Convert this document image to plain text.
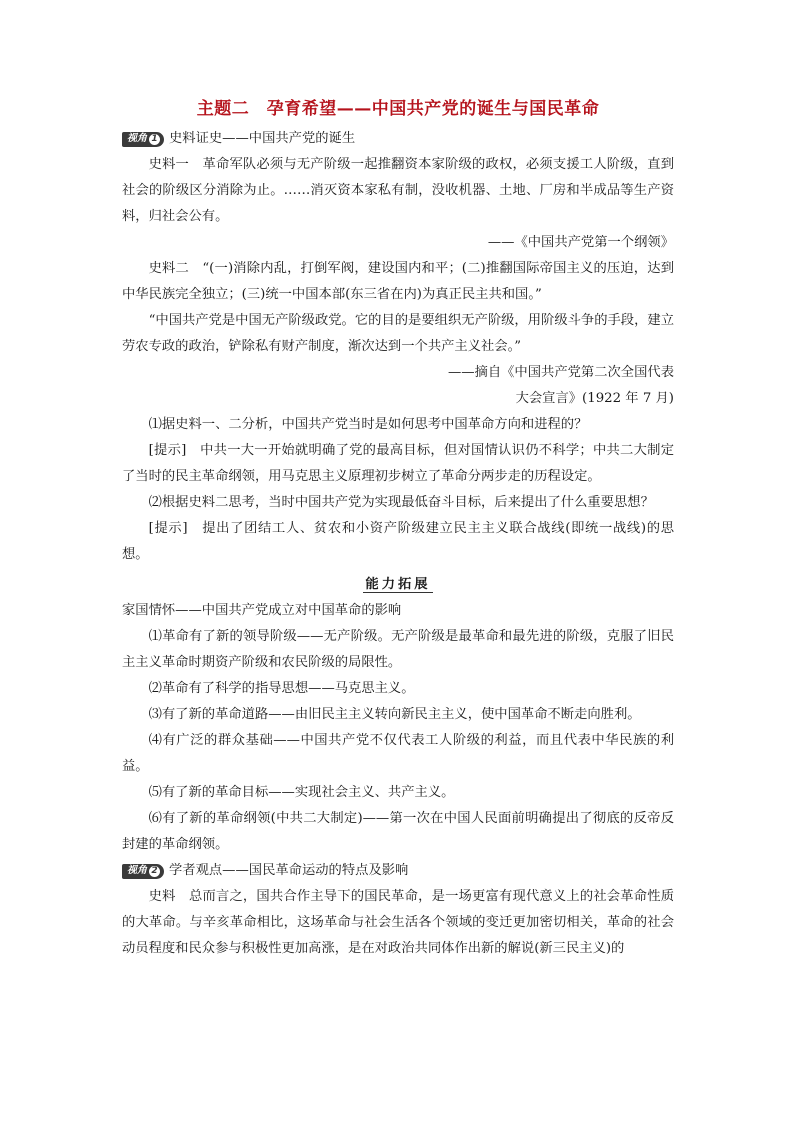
主题二　孕育希望——中国共产党的诞生与国民革命
视角 1 史料证史——中国共产党的诞生

史料一　革命军队必须与无产阶级一起推翻资本家阶级的政权，必须支援工人阶级，直到社会的阶级区分消除为止。……消灭资本家私有制，没收机器、土地、厂房和半成品等生产资料，归社会公有。

——《中国共产党第一个纲领》

史料二　“(一)消除内乱，打倒军阀，建设国内和平；(二)推翻国际帝国主义的压迫，达到中华民族完全独立；(三)统一中国本部(东三省在内)为真正民主共和国。”

“中国共产党是中国无产阶级政党。它的目的是要组织无产阶级，用阶级斗争的手段，建立劳农专政的政治，铲除私有财产制度，渐次达到一个共产主义社会。”

——摘自《中国共产党第二次全国代表

大会宣言》(1922 年 7 月)

⑴据史料一、二分析，中国共产党当时是如何思考中国革命方向和进程的？

[提示]　中共一大一开始就明确了党的最高目标，但对国情认识仍不科学；中共二大制定了当时的民主革命纲领，用马克思主义原理初步树立了革命分两步走的历程设定。

⑵根据史料二思考，当时中国共产党为实现最低奋斗目标，后来提出了什么重要思想？

[提示]　提出了团结工人、贫农和小资产阶级建立民主主义联合战线(即统一战线)的思想。

能力拓展

家国情怀——中国共产党成立对中国革命的影响

⑴革命有了新的领导阶级——无产阶级。无产阶级是最革命和最先进的阶级，克服了旧民主主义革命时期资产阶级和农民阶级的局限性。

⑵革命有了科学的指导思想——马克思主义。

⑶有了新的革命道路——由旧民主主义转向新民主主义，使中国革命不断走向胜利。

⑷有广泛的群众基础——中国共产党不仅代表工人阶级的利益，而且代表中华民族的利益。

⑸有了新的革命目标——实现社会主义、共产主义。

⑹有了新的革命纲领(中共二大制定)——第一次在中国人民面前明确提出了彻底的反帝反封建的革命纲领。

视角 2 学者观点——国民革命运动的特点及影响

史料　总而言之，国共合作主导下的国民革命，是一场更富有现代意义上的社会革命性质的大革命。与辛亥革命相比，这场革命与社会生活各个领域的变迁更加密切相关，革命的社会动员程度和民众参与积极性更加高涨，是在对政治共同体作出新的解说(新三民主义)的
